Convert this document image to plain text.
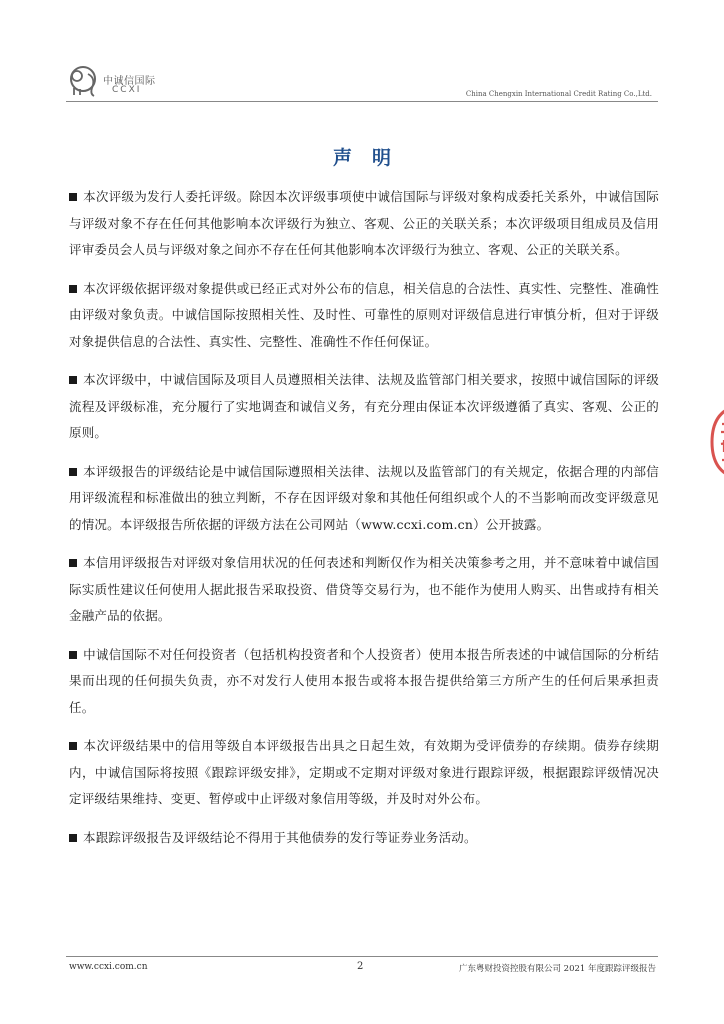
中诚信国际
CCXI	China Chengxin International Credit Rating Co.,Ltd.
声明

本次评级为发行人委托评级。除因本次评级事项使中诚信国际与评级对象构成委托关系外，中诚信国际与评级对象不存在任何其他影响本次评级行为独立、客观、公正的关联关系；本次评级项目组成员及信用评审委员会人员与评级对象之间亦不存在任何其他影响本次评级行为独立、客观、公正的关联关系。

本次评级依据评级对象提供或已经正式对外公布的信息，相关信息的合法性、真实性、完整性、准确性由评级对象负责。中诚信国际按照相关性、及时性、可靠性的原则对评级信息进行审慎分析，但对于评级对象提供信息的合法性、真实性、完整性、准确性不作任何保证。

本次评级中，中诚信国际及项目人员遵照相关法律、法规及监管部门相关要求，按照中诚信国际的评级流程及评级标准，充分履行了实地调查和诚信义务，有充分理由保证本次评级遵循了真实、客观、公正的原则。

本评级报告的评级结论是中诚信国际遵照相关法律、法规以及监管部门的有关规定，依据合理的内部信用评级流程和标准做出的独立判断，不存在因评级对象和其他任何组织或个人的不当影响而改变评级意见的情况。本评级报告所依据的评级方法在公司网站（www.ccxi.com.cn）公开披露。

本信用评级报告对评级对象信用状况的任何表述和判断仅作为相关决策参考之用，并不意味着中诚信国际实质性建议任何使用人据此报告采取投资、借贷等交易行为，也不能作为使用人购买、出售或持有相关金融产品的依据。

中诚信国际不对任何投资者（包括机构投资者和个人投资者）使用本报告所表述的中诚信国际的分析结果而出现的任何损失负责，亦不对发行人使用本报告或将本报告提供给第三方所产生的任何后果承担责任。

本次评级结果中的信用等级自本评级报告出具之日起生效，有效期为受评债券的存续期。债券存续期内，中诚信国际将按照《跟踪评级安排》，定期或不定期对评级对象进行跟踪评级，根据跟踪评级情况决定评级结果维持、变更、暂停或中止评级对象信用等级，并及时对外公布。

本跟踪评级报告及评级结论不得用于其他债券的发行等证券业务活动。

www.ccxi.com.cn	2	广东粤财投资控股有限公司 2021 年度跟踪评级报告
